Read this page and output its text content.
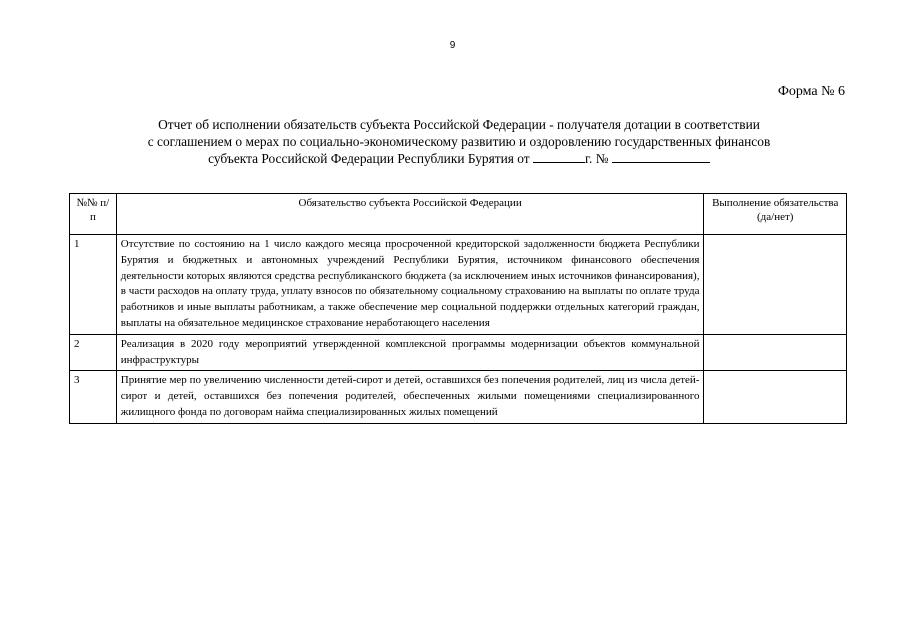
9
Форма № 6
Отчет об исполнении обязательств субъекта Российской Федерации - получателя дотации в соответствии
с соглашением о мерах по социально-экономическому развитию и оздоровлению государственных финансов
субъекта Российской Федерации Республики Бурятия от	г. №
№№ п/п	Обязательство субъекта Российской Федерации	Выполнение обязательства (да/нет)
1	Отсутствие по состоянию на 1 число каждого месяца просроченной кредиторской задолженности бюджета Республики Бурятия и бюджетных и автономных учреждений Республики Бурятия, источником финансового обеспечения деятельности которых являются средства республиканского бюджета (за исключением иных источников финансирования), в части расходов на оплату труда, уплату взносов по обязательному социальному страхованию на выплаты по оплате труда работников и иные выплаты работникам, а также обеспечение мер социальной поддержки отдельных категорий граждан, выплаты на обязательное медицинское страхование неработающего населения	
2	Реализация в 2020 году мероприятий утвержденной комплексной программы модернизации объектов коммунальной инфраструктуры	
3	Принятие мер по увеличению численности детей-сирот и детей, оставшихся без попечения родителей, лиц из числа детей-сирот и детей, оставшихся без попечения родителей, обеспеченных жилыми помещениями специализированного жилищного фонда по договорам найма специализированных жилых помещений	
